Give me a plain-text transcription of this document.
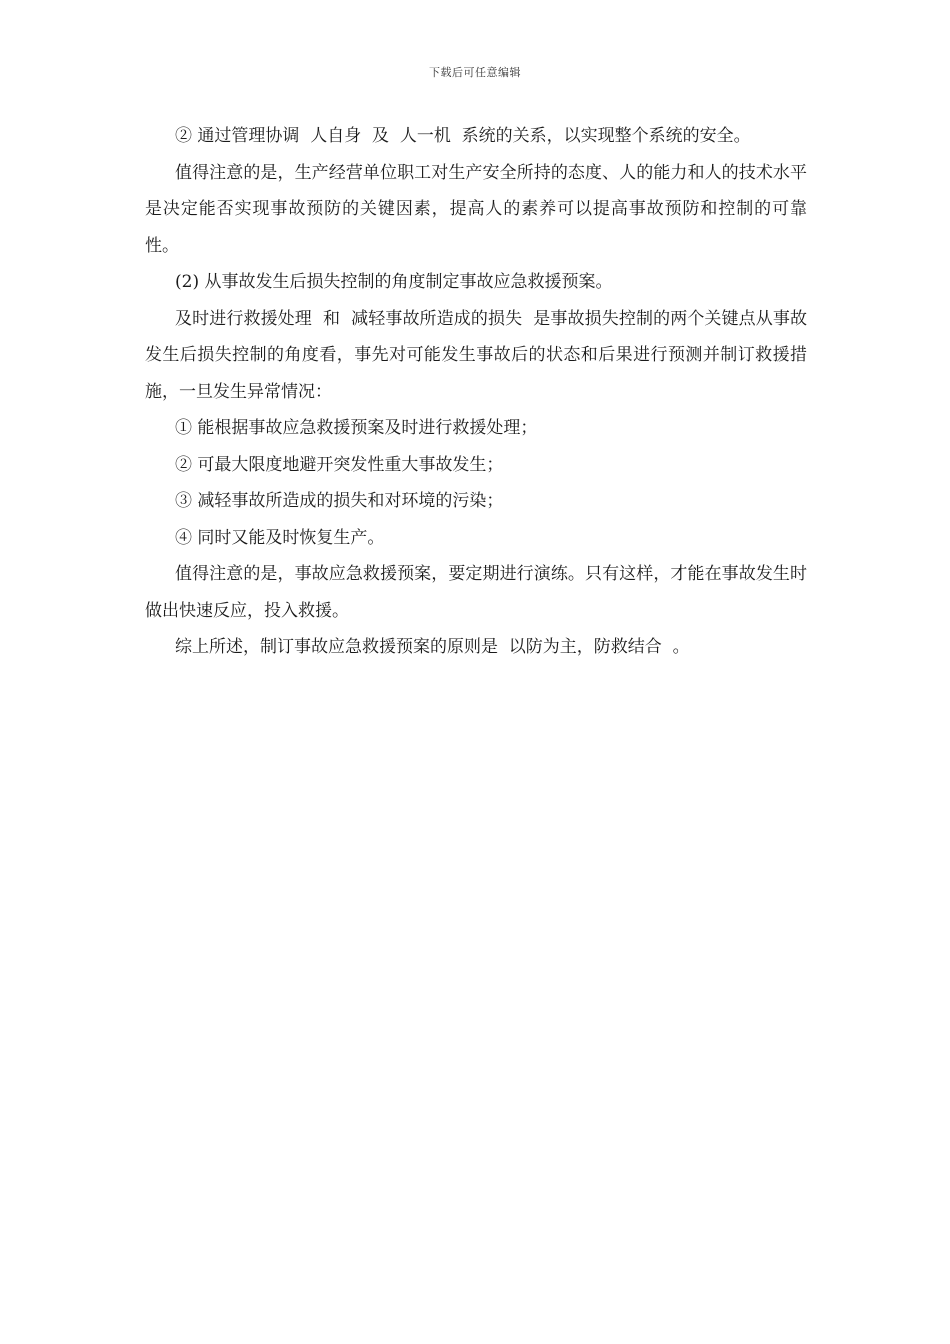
下载后可任意编辑

② 通过管理协调  人自身  及  人一机  系统的关系，以实现整个系统的安全。

值得注意的是，生产经营单位职工对生产安全所持的态度、人的能力和人的技术水平是决定能否实现事故预防的关键因素，提高人的素养可以提高事故预防和控制的可靠性。

(2) 从事故发生后损失控制的角度制定事故应急救援预案。

及时进行救援处理  和  减轻事故所造成的损失  是事故损失控制的两个关键点从事故发生后损失控制的角度看，事先对可能发生事故后的状态和后果进行预测并制订救援措施，一旦发生异常情况：

① 能根据事故应急救援预案及时进行救援处理；

② 可最大限度地避开突发性重大事故发生；

③ 减轻事故所造成的损失和对环境的污染；

④ 同时又能及时恢复生产。

值得注意的是，事故应急救援预案，要定期进行演练。只有这样，才能在事故发生时做出快速反应，投入救援。

综上所述，制订事故应急救援预案的原则是  以防为主，防救结合  。
